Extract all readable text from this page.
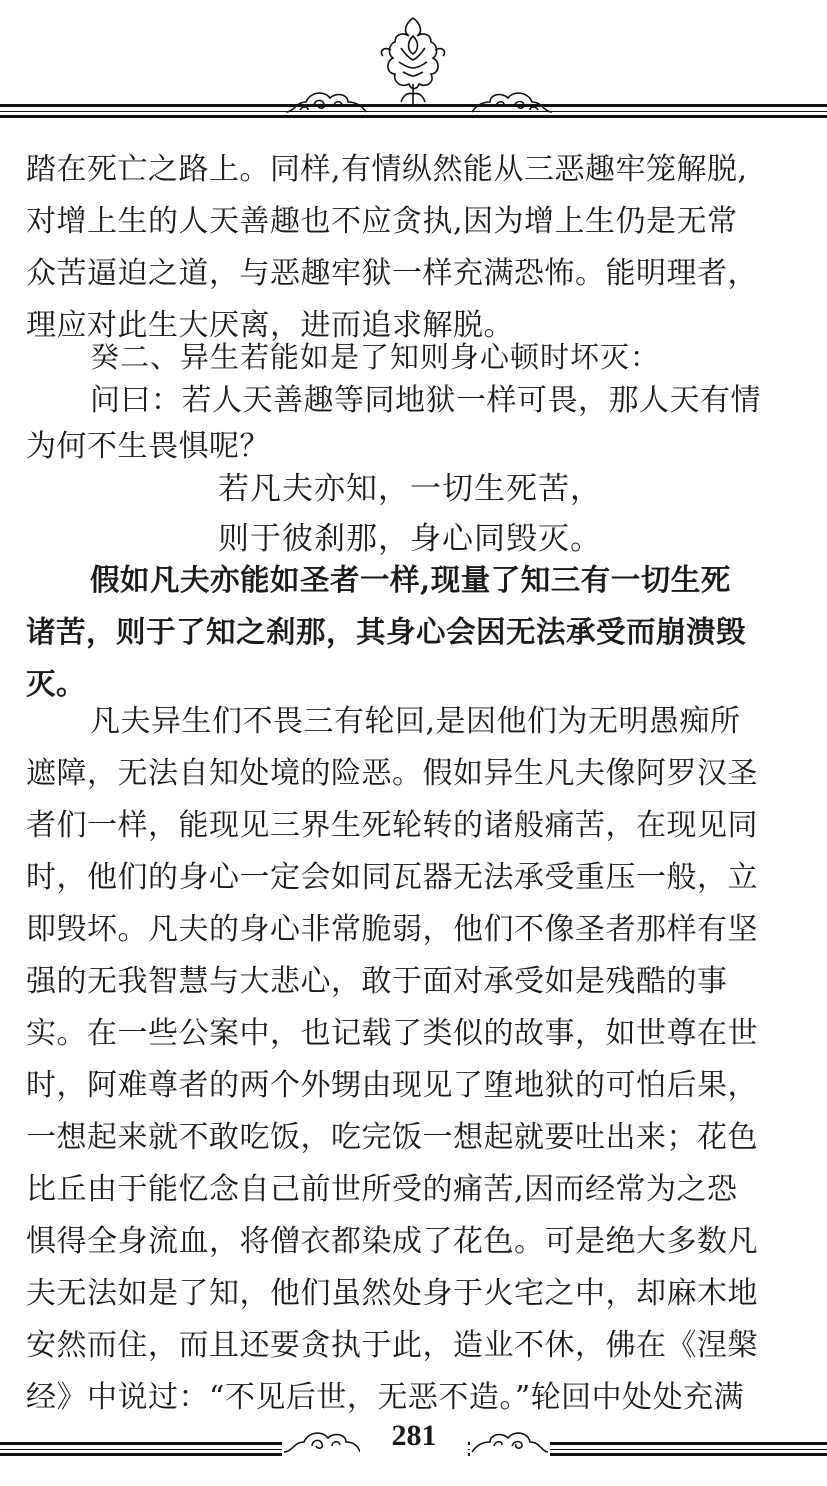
踏在死亡之路上。同样,有情纵然能从三恶趣牢笼解脱,
对增上生的人天善趣也不应贪执,因为增上生仍是无常
众苦逼迫之道，与恶趣牢狱一样充满恐怖。能明理者，
理应对此生大厌离，进而追求解脱。
癸二、异生若能如是了知则身心顿时坏灭：
问曰：若人天善趣等同地狱一样可畏，那人天有情
为何不生畏惧呢？
若凡夫亦知，一切生死苦，
则于彼刹那，身心同毁灭。
假如凡夫亦能如圣者一样,现量了知三有一切生死
诸苦，则于了知之刹那，其身心会因无法承受而崩溃毁
灭。
凡夫异生们不畏三有轮回,是因他们为无明愚痴所
遮障，无法自知处境的险恶。假如异生凡夫像阿罗汉圣
者们一样，能现见三界生死轮转的诸般痛苦，在现见同
时，他们的身心一定会如同瓦器无法承受重压一般，立
即毁坏。凡夫的身心非常脆弱，他们不像圣者那样有坚
强的无我智慧与大悲心，敢于面对承受如是残酷的事
实。在一些公案中，也记载了类似的故事，如世尊在世
时，阿难尊者的两个外甥由现见了堕地狱的可怕后果，
一想起来就不敢吃饭，吃完饭一想起就要吐出来；花色
比丘由于能忆念自己前世所受的痛苦,因而经常为之恐
惧得全身流血，将僧衣都染成了花色。可是绝大多数凡
夫无法如是了知，他们虽然处身于火宅之中，却麻木地
安然而住，而且还要贪执于此，造业不休，佛在《涅槃
经》中说过：“不见后世，无恶不造。”轮回中处处充满
281
